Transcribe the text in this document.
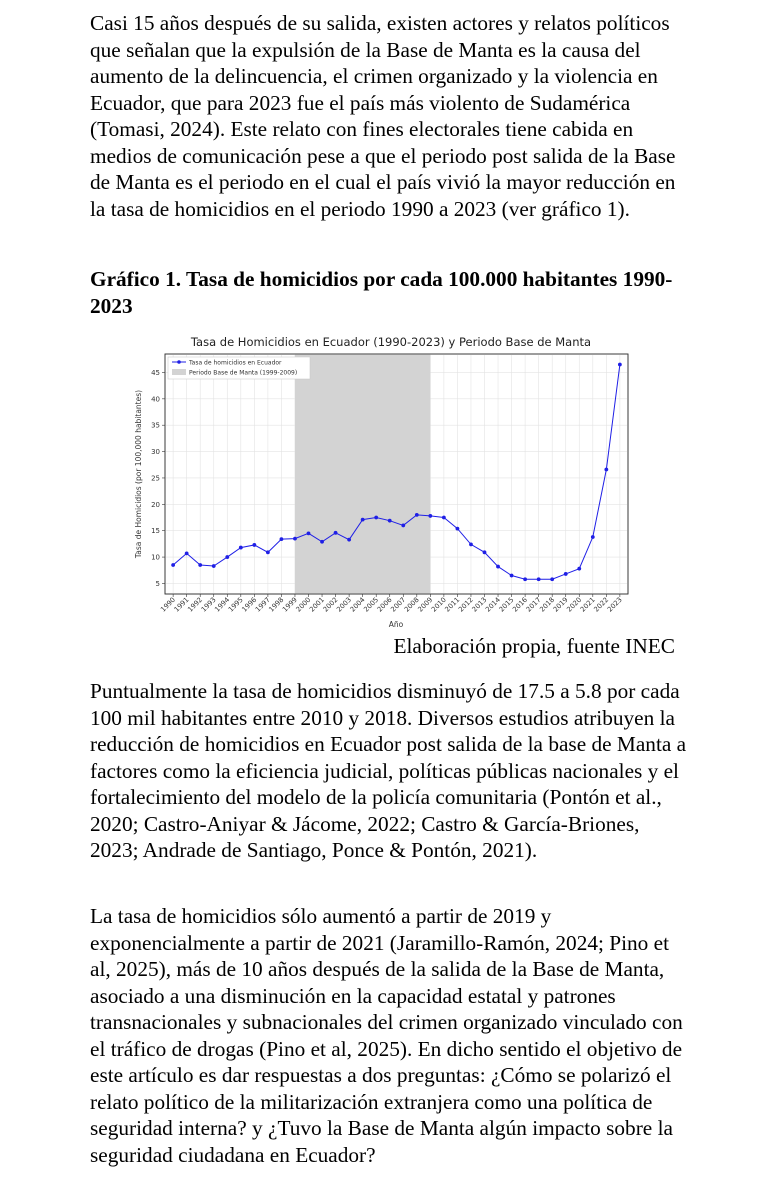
Casi 15 años después de su salida, existen actores y relatos políticos que señalan que la expulsión de la Base de Manta es la causa del aumento de la delincuencia, el crimen organizado y la violencia en Ecuador, que para 2023 fue el país más violento de Sudamérica (Tomasi, 2024). Este relato con fines electorales tiene cabida en medios de comunicación pese a que el periodo post salida de la Base de Manta es el periodo en el cual el país vivió la mayor reducción en la tasa de homicidios en el periodo 1990 a 2023 (ver gráfico 1).

Gráfico 1. Tasa de homicidios por cada 100.000 habitantes 1990-2023

Tasa de Homicidios en Ecuador (1990-2023) y Periodo Base de Manta
5
10
15
20
25
30
35
40
45
1990
1991
1992
1993
1994
1995
1996
1997
1998
1999
2000
2001
2002
2003
2004
2005
2006
2007
2008
2009
2010
2011
2012
2013
2014
2015
2016
2017
2018
2019
2020
2021
2022
2023
Año
Tasa de Homicidios (por 100,000 habitantes)
Tasa de homicidios en Ecuador
Periodo Base de Manta (1999-2009)

Elaboración propia, fuente INEC

Puntualmente la tasa de homicidios disminuyó de 17.5 a 5.8 por cada 100 mil habitantes entre 2010 y 2018. Diversos estudios atribuyen la reducción de homicidios en Ecuador post salida de la base de Manta a factores como la eficiencia judicial, políticas públicas nacionales y el fortalecimiento del modelo de la policía comunitaria (Pontón et al., 2020; Castro-Aniyar & Jácome, 2022; Castro & García-Briones, 2023; Andrade de Santiago, Ponce & Pontón, 2021).

La tasa de homicidios sólo aumentó a partir de 2019 y exponencialmente a partir de 2021 (Jaramillo-Ramón, 2024; Pino et al, 2025), más de 10 años después de la salida de la Base de Manta, asociado a una disminución en la capacidad estatal y patrones transnacionales y subnacionales del crimen organizado vinculado con el tráfico de drogas (Pino et al, 2025). En dicho sentido el objetivo de este artículo es dar respuestas a dos preguntas: ¿Cómo se polarizó el relato político de la militarización extranjera como una política de seguridad interna? y ¿Tuvo la Base de Manta algún impacto sobre la seguridad ciudadana en Ecuador?
